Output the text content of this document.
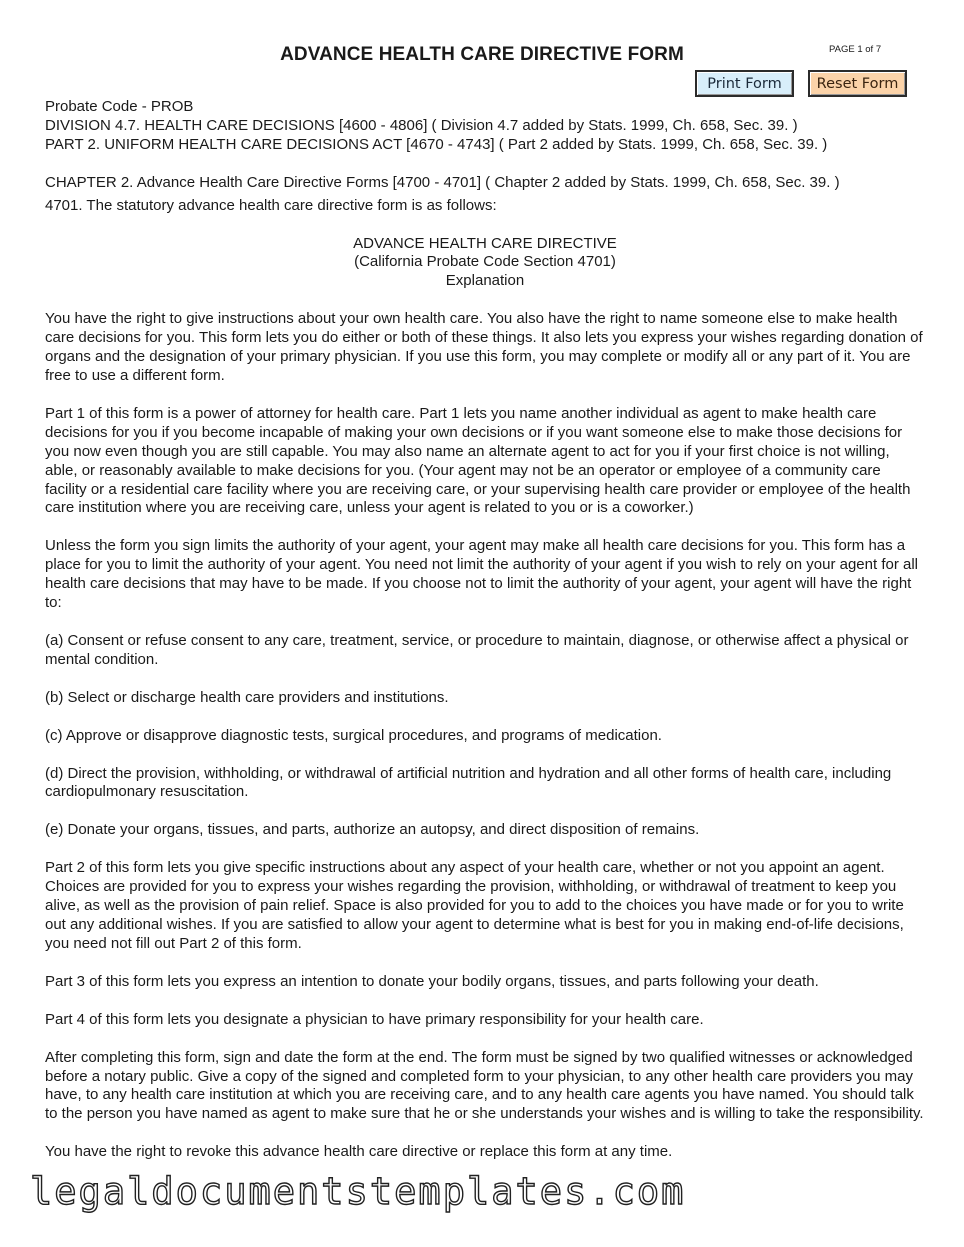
ADVANCE HEALTH CARE DIRECTIVE FORM	PAGE 1 of 7
Print Form	Reset Form

Probate Code - PROB

DIVISION 4.7. HEALTH CARE DECISIONS [4600 - 4806] ( Division 4.7 added by Stats. 1999, Ch. 658, Sec. 39. )

PART 2. UNIFORM HEALTH CARE DECISIONS ACT [4670 - 4743] ( Part 2 added by Stats. 1999, Ch. 658, Sec. 39. )

CHAPTER 2. Advance Health Care Directive Forms [4700 - 4701] ( Chapter 2 added by Stats. 1999, Ch. 658, Sec. 39. )

4701. The statutory advance health care directive form is as follows:

ADVANCE HEALTH CARE DIRECTIVE

(California Probate Code Section 4701)

Explanation

You have the right to give instructions about your own health care. You also have the right to name someone else to make health care decisions for you. This form lets you do either or both of these things. It also lets you express your wishes regarding donation of organs and the designation of your primary physician. If you use this form, you may complete or modify all or any part of it. You are free to use a different form.

Part 1 of this form is a power of attorney for health care. Part 1 lets you name another individual as agent to make health care decisions for you if you become incapable of making your own decisions or if you want someone else to make those decisions for you now even though you are still capable. You may also name an alternate agent to act for you if your first choice is not willing, able, or reasonably available to make decisions for you. (Your agent may not be an operator or employee of a community care facility or a residential care facility where you are receiving care, or your supervising health care provider or employee of the health care institution where you are receiving care, unless your agent is related to you or is a coworker.)

Unless the form you sign limits the authority of your agent, your agent may make all health care decisions for you. This form has a place for you to limit the authority of your agent. You need not limit the authority of your agent if you wish to rely on your agent for all health care decisions that may have to be made. If you choose not to limit the authority of your agent, your agent will have the right to:

(a) Consent or refuse consent to any care, treatment, service, or procedure to maintain, diagnose, or otherwise affect a physical or mental condition.

(b) Select or discharge health care providers and institutions.

(c) Approve or disapprove diagnostic tests, surgical procedures, and programs of medication.

(d) Direct the provision, withholding, or withdrawal of artificial nutrition and hydration and all other forms of health care, including cardiopulmonary resuscitation.

(e) Donate your organs, tissues, and parts, authorize an autopsy, and direct disposition of remains.

Part 2 of this form lets you give specific instructions about any aspect of your health care, whether or not you appoint an agent. Choices are provided for you to express your wishes regarding the provision, withholding, or withdrawal of treatment to keep you alive, as well as the provision of pain relief. Space is also provided for you to add to the choices you have made or for you to write out any additional wishes. If you are satisfied to allow your agent to determine what is best for you in making end-of-life decisions, you need not fill out Part 2 of this form.

Part 3 of this form lets you express an intention to donate your bodily organs, tissues, and parts following your death.

Part 4 of this form lets you designate a physician to have primary responsibility for your health care.

After completing this form, sign and date the form at the end. The form must be signed by two qualified witnesses or acknowledged before a notary public. Give a copy of the signed and completed form to your physician, to any other health care providers you may have, to any health care institution at which you are receiving care, and to any health care agents you have named. You should talk to the person you have named as agent to make sure that he or she understands your wishes and is willing to take the responsibility.

You have the right to revoke this advance health care directive or replace this form at any time.

legaldocumentstemplates.com
